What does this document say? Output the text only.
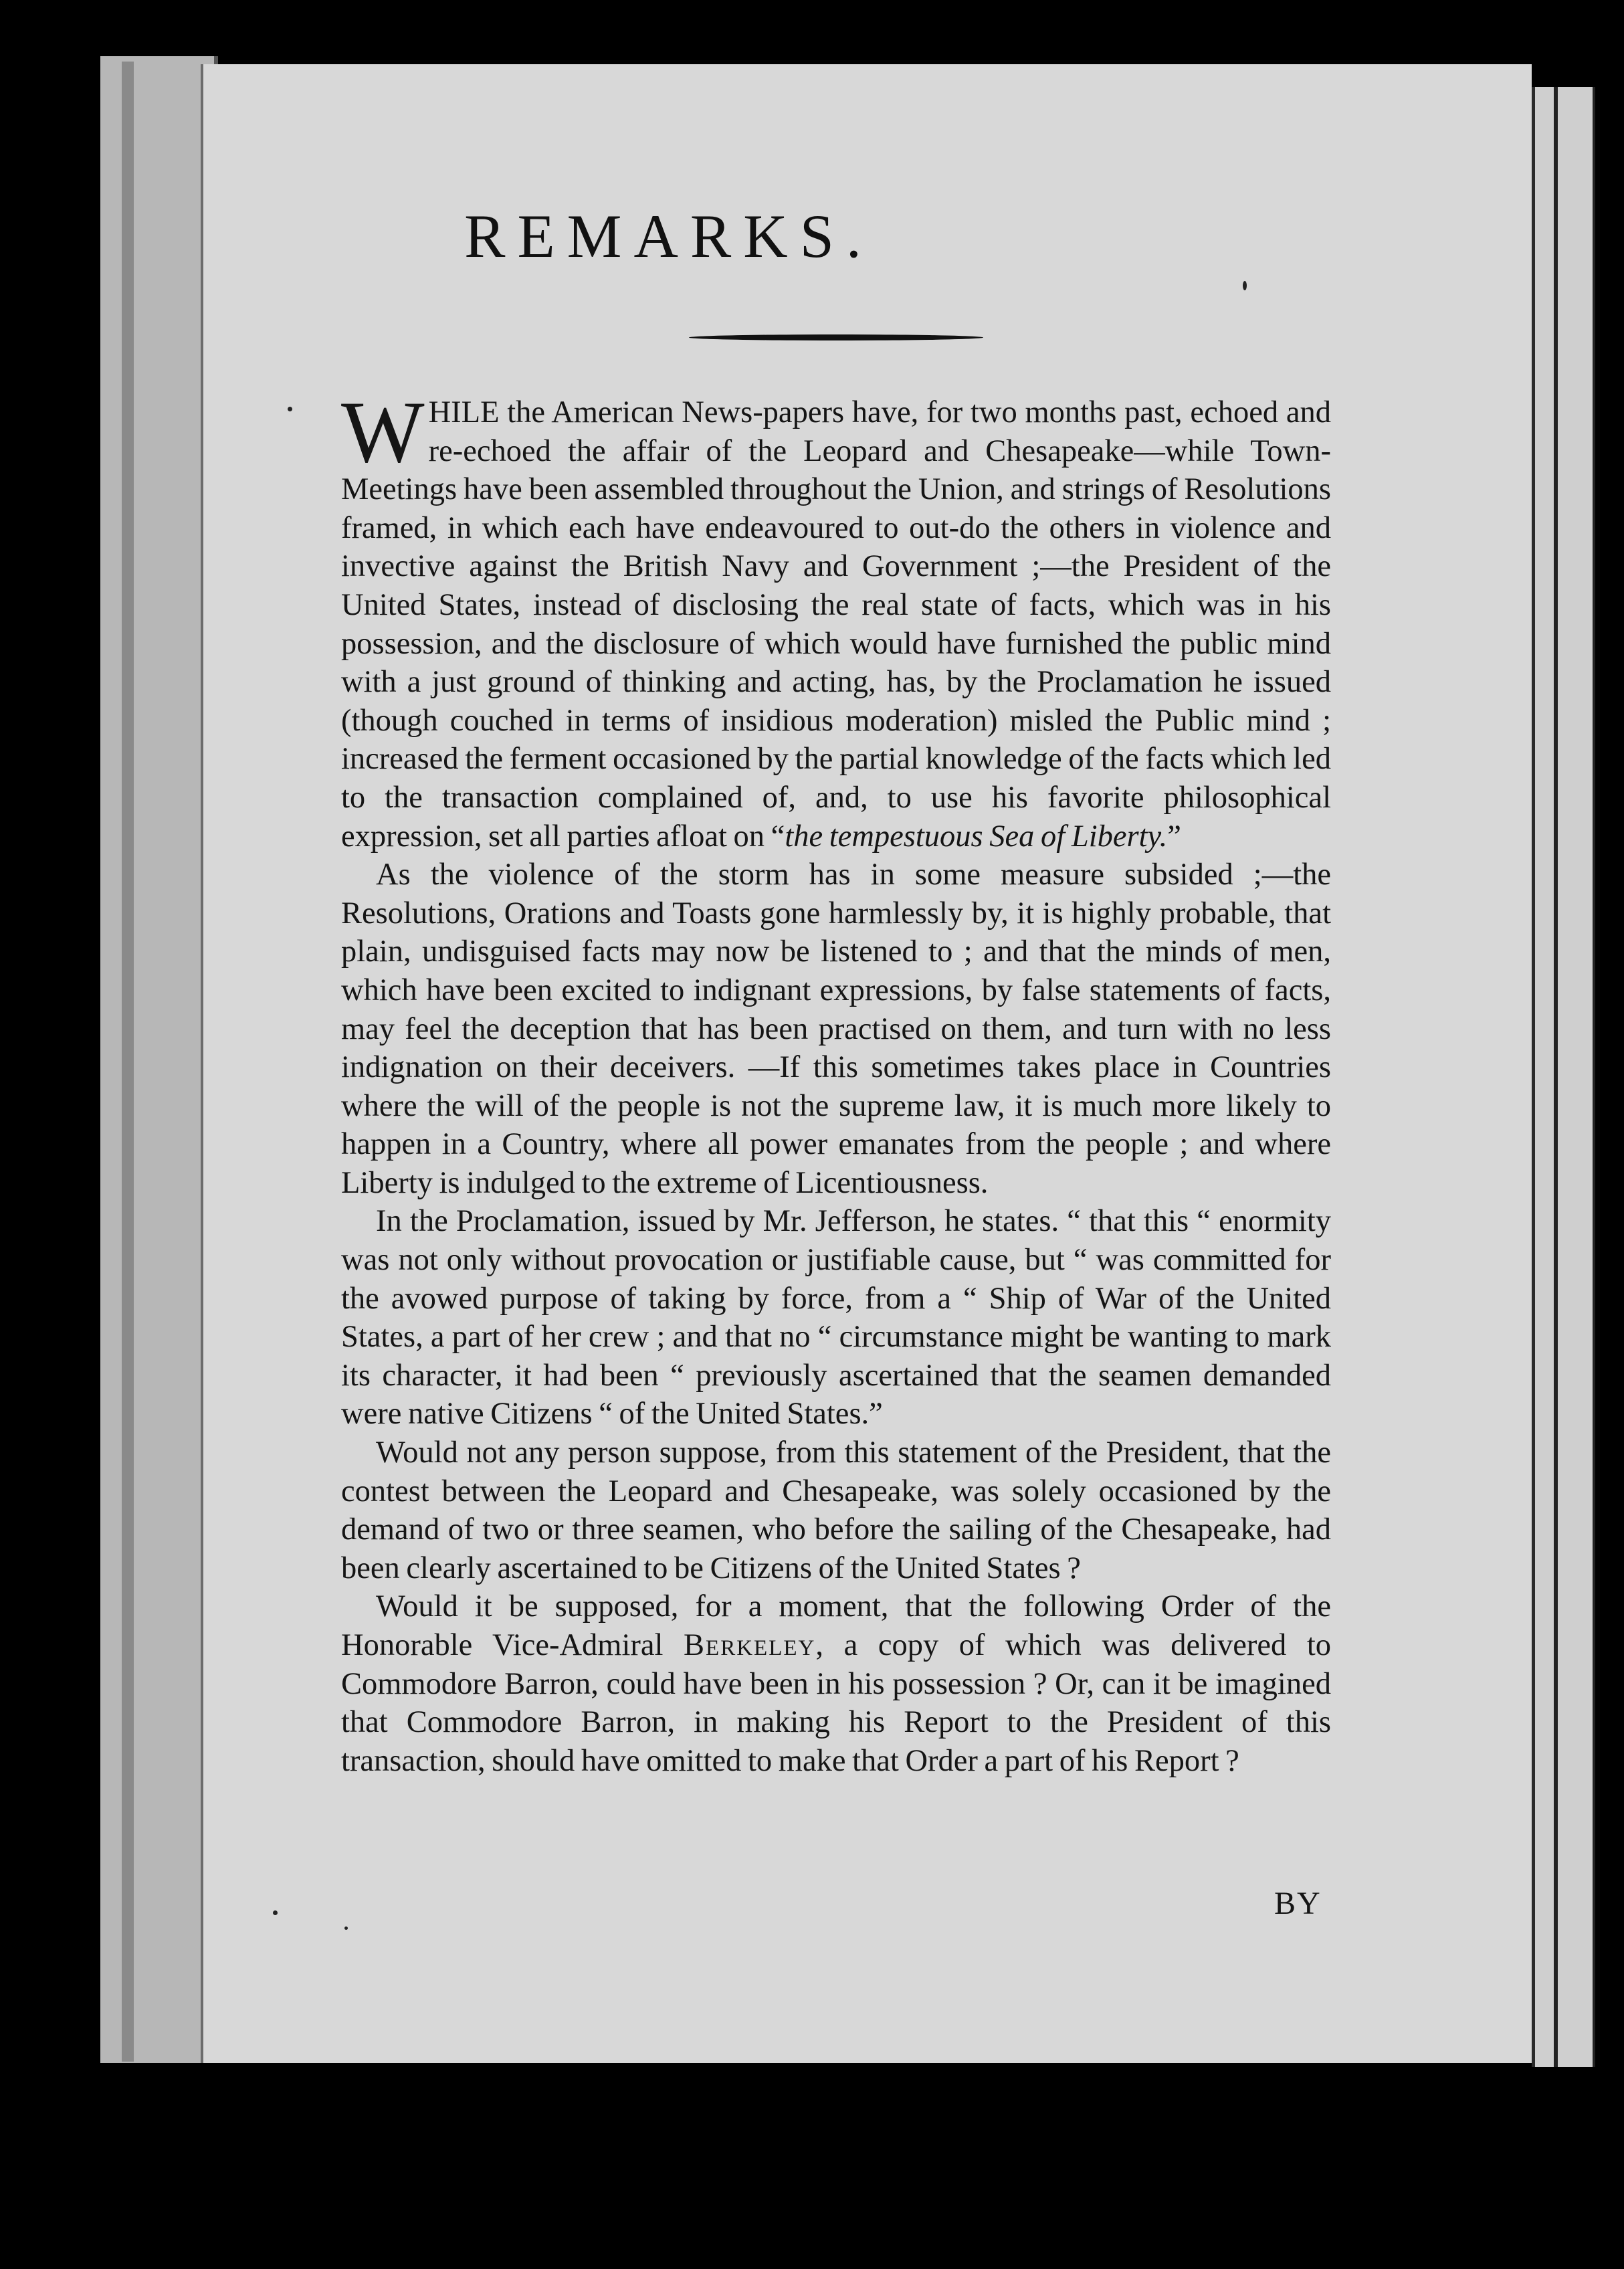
REMARKS.

WHILE the American News-papers have, for two months past, echoed and re-echoed the affair of the Leopard and Chesapeake—while Town-Meetings have been assembled throughout the Union, and strings of Resolutions framed, in which each have endeavoured to out-do the others in violence and invective against the British Navy and Government ;—the President of the United States, instead of disclosing the real state of facts, which was in his possession, and the disclosure of which would have furnished the public mind with a just ground of thinking and acting, has, by the Proclamation he issued (though couched in terms of insidious moderation) misled the Public mind ; increased the ferment occasioned by the partial knowledge of the facts which led to the transaction complained of, and, to use his favorite philosophical expression, set all parties afloat on “the tempestuous Sea of Liberty.”

As the violence of the storm has in some measure subsided ;—the Resolutions, Orations and Toasts gone harmlessly by, it is highly probable, that plain, undisguised facts may now be listened to ; and that the minds of men, which have been excited to indignant expressions, by false statements of facts, may feel the deception that has been practised on them, and turn with no less indignation on their deceivers. —If this sometimes takes place in Countries where the will of the people is not the supreme law, it is much more likely to happen in a Country, where all power emanates from the people ; and where Liberty is indulged to the extreme of Licentiousness.

In the Proclamation, issued by Mr. Jefferson, he states. “ that this “ enormity was not only without provocation or justifiable cause, but “ was committed for the avowed purpose of taking by force, from a “ Ship of War of the United States, a part of her crew ; and that no “ circumstance might be wanting to mark its character, it had been “ previously ascertained that the seamen demanded were native Citizens “ of the United States.”

Would not any person suppose, from this statement of the President, that the contest between the Leopard and Chesapeake, was solely occasioned by the demand of two or three seamen, who before the sailing of the Chesapeake, had been clearly ascertained to be Citizens of the United States ?

Would it be supposed, for a moment, that the following Order of the Honorable Vice-Admiral Berkeley, a copy of which was delivered to Commodore Barron, could have been in his possession ? Or, can it be imagined that Commodore Barron, in making his Report to the President of this transaction, should have omitted to make that Order a part of his Report ?

BY
